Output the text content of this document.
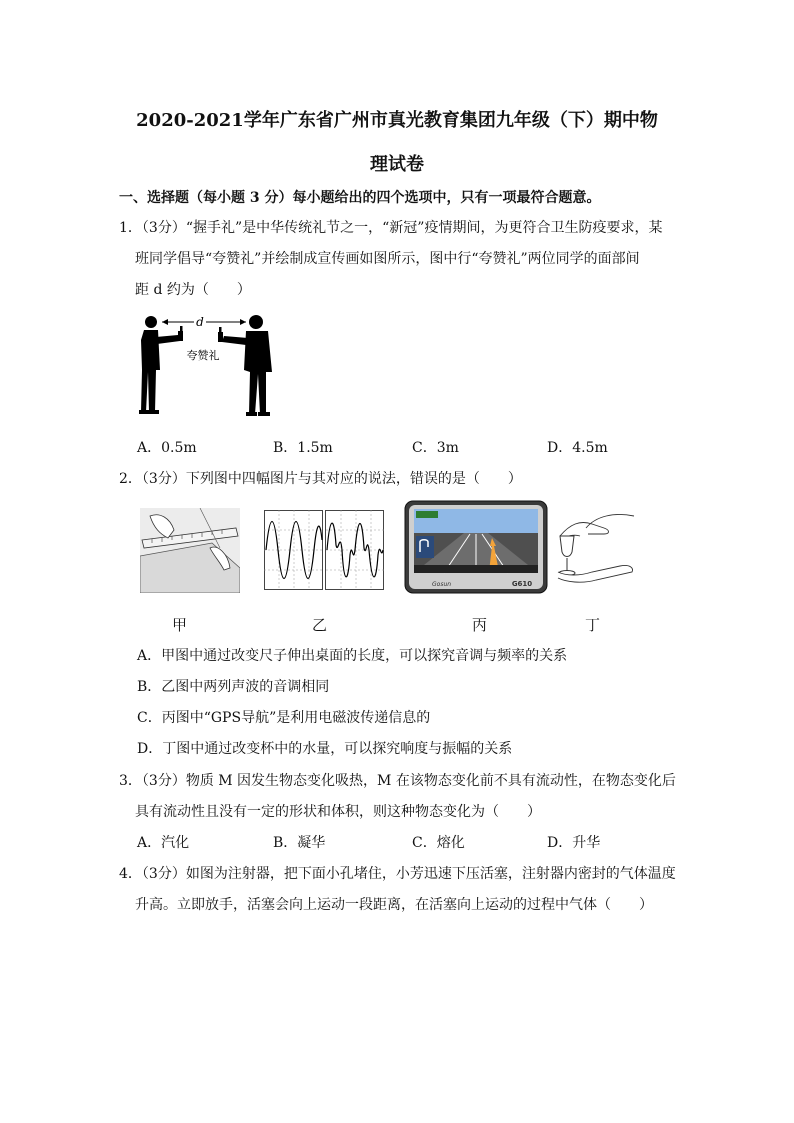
2020-2021学年广东省广州市真光教育集团九年级（下）期中物
理试卷
一、选择题（每小题 3 分）每小题给出的四个选项中，只有一项最符合题意。
1．（3分）“握手礼”是中华传统礼节之一，“新冠”疫情期间，为更符合卫生防疫要求，某
班同学倡导“夸赞礼”并绘制成宣传画如图所示，图中行“夸赞礼”两位同学的面部间
距 d 约为（　　）
d
夸赞礼
A．0.5m	B．1.5m	C．3m	D．4.5m
2．（3分）下列图中四幅图片与其对应的说法，错误的是（　　）
Gosun	G610
甲	乙	丙	丁
A．甲图中通过改变尺子伸出桌面的长度，可以探究音调与频率的关系
B．乙图中两列声波的音调相同
C．丙图中“GPS导航”是利用电磁波传递信息的
D．丁图中通过改变杯中的水量，可以探究响度与振幅的关系
3．（3分）物质 M 因发生物态变化吸热，M 在该物态变化前不具有流动性，在物态变化后
具有流动性且没有一定的形状和体积，则这种物态变化为（　　）
A．汽化	B．凝华	C．熔化	D．升华
4．（3分）如图为注射器，把下面小孔堵住，小芳迅速下压活塞，注射器内密封的气体温度
升高。立即放手，活塞会向上运动一段距离，在活塞向上运动的过程中气体（　　）
